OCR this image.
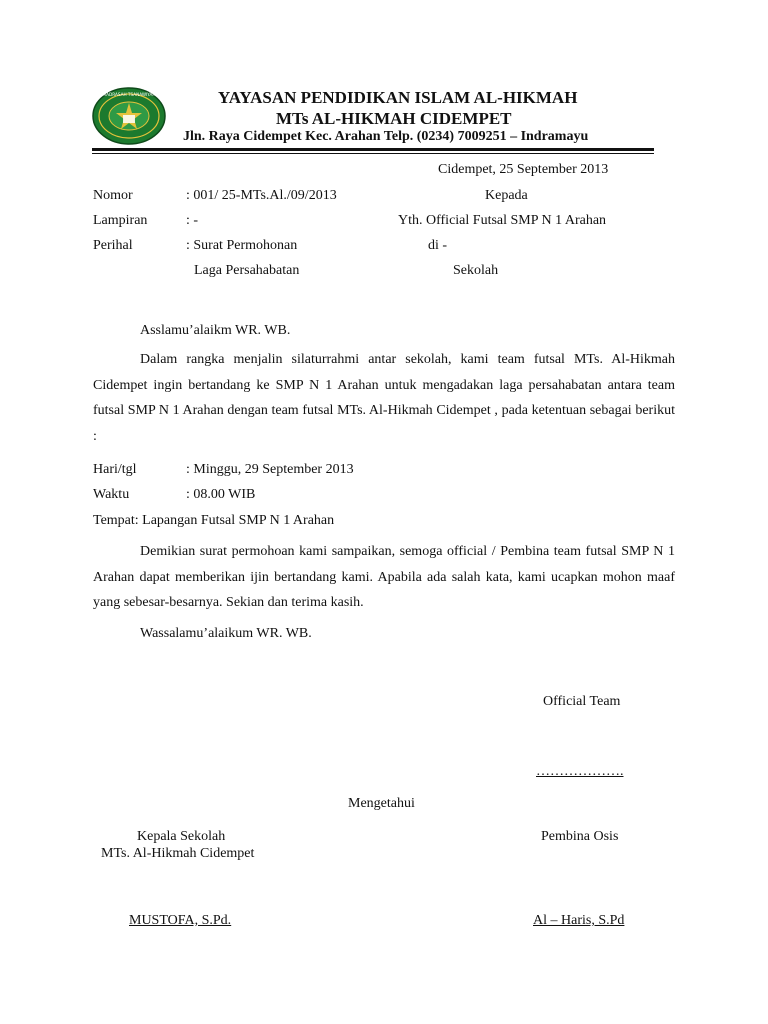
MADRASAH TSANAWIYAH	YAYASAN PENDIDIKAN ISLAM AL-HIKMAH
MTs AL-HIKMAH CIDEMPET
Jln. Raya Cidempet Kec. Arahan Telp. (0234) 7009251 – Indramayu
Cidempet, 25 September 2013
Nomor	: 001/ 25-MTs.Al./09/2013
Lampiran	: -
Perihal	: Surat Permohonan
Laga Persahabatan
Kepada
Yth. Official Futsal SMP N 1 Arahan
di -
Sekolah
Asslamu’alaikm WR. WB.
Dalam rangka menjalin silaturrahmi antar sekolah, kami team futsal MTs. Al-Hikmah Cidempet ingin bertandang ke SMP N 1 Arahan untuk mengadakan laga persahabatan antara team futsal SMP N 1 Arahan dengan team futsal MTs. Al-Hikmah Cidempet , pada ketentuan sebagai berikut :
Hari/tgl	: Minggu, 29 September 2013
Waktu	: 08.00 WIB
Tempat: Lapangan Futsal SMP N 1 Arahan
Demikian surat permohoan kami sampaikan, semoga official / Pembina team futsal SMP N 1 Arahan dapat memberikan ijin bertandang kami. Apabila ada salah kata, kami ucapkan mohon maaf yang sebesar-besarnya. Sekian dan terima kasih.
Wassalamu’alaikum WR. WB.
Official Team
……………….
Mengetahui
Kepala Sekolah
MTs. Al-Hikmah Cidempet
Pembina Osis
MUSTOFA, S.Pd.	Al – Haris, S.Pd
